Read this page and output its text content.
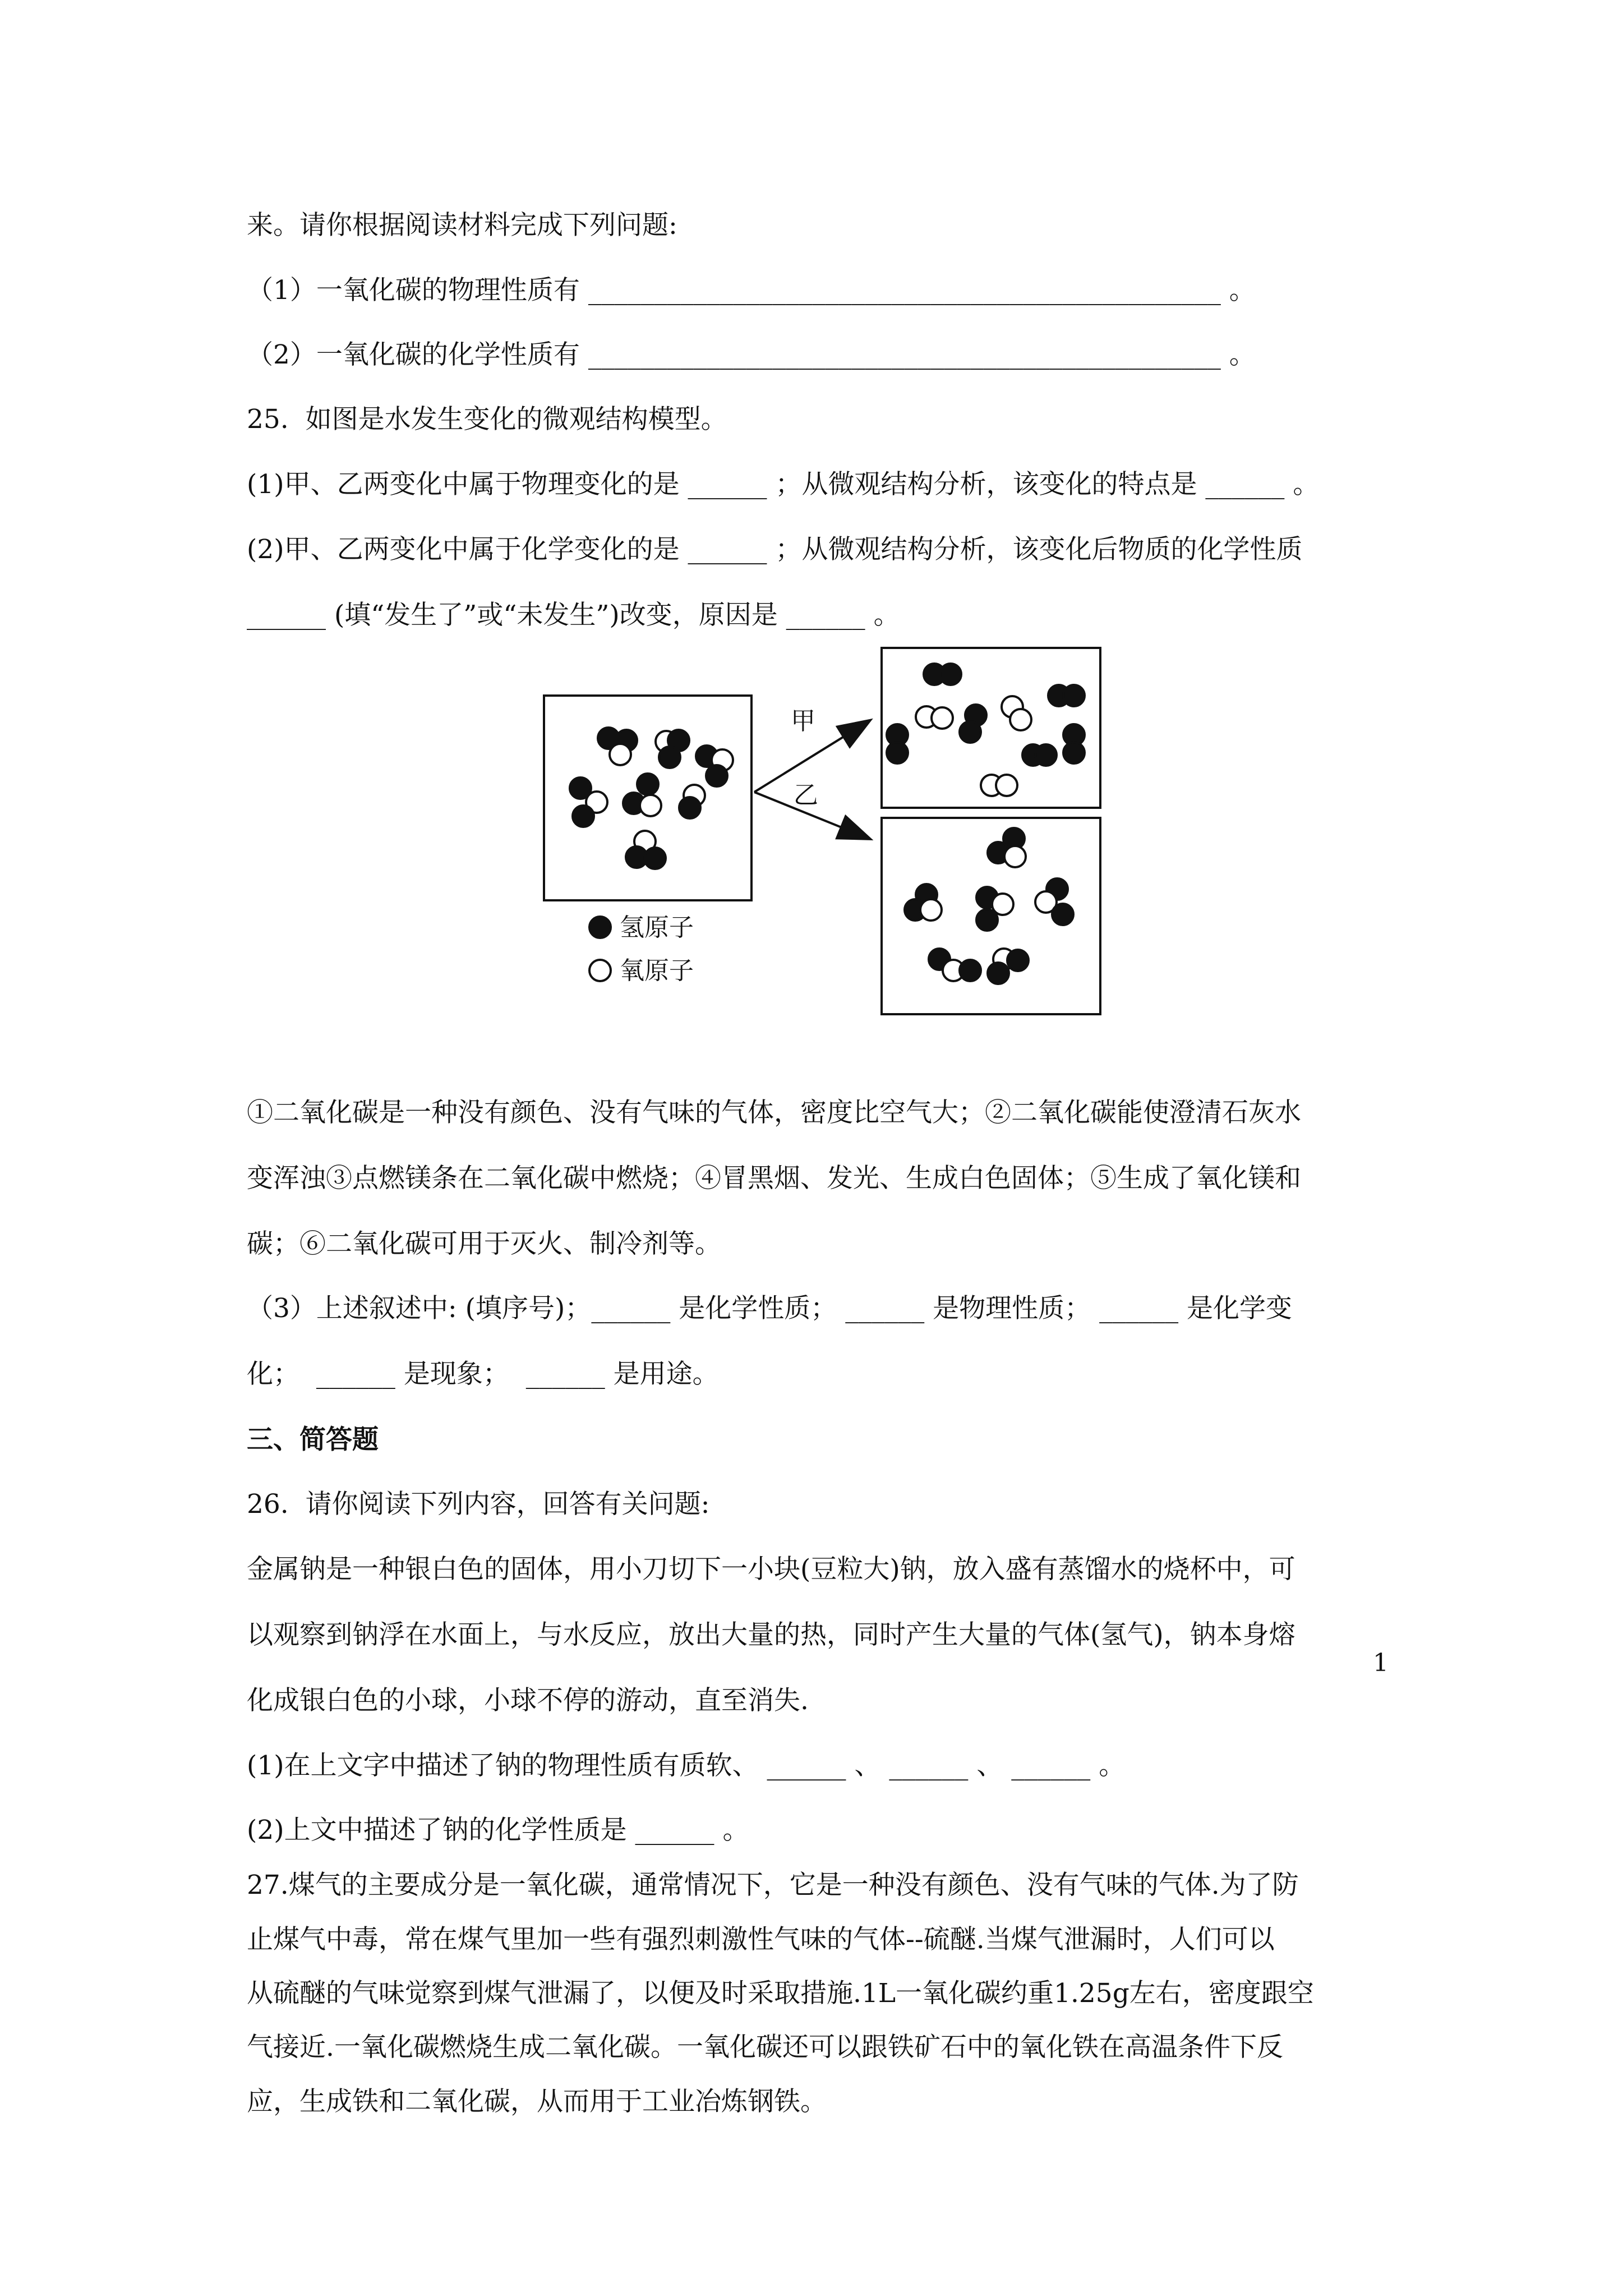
来。请你根据阅读材料完成下列问题:
（1）一氧化碳的物理性质有 ________________________________________________ 。
（2）一氧化碳的化学性质有 ________________________________________________ 。
25.  如图是水发生变化的微观结构模型。
(1)甲、乙两变化中属于物理变化的是 ______ ；从微观结构分析，该变化的特点是 ______ 。
(2)甲、乙两变化中属于化学变化的是 ______ ；从微观结构分析，该变化后物质的化学性质
______ (填“发生了”或“未发生”)改变，原因是 ______ 。
①二氧化碳是一种没有颜色、没有气味的气体，密度比空气大；②二氧化碳能使澄清石灰水
变浑浊③点燃镁条在二氧化碳中燃烧；④冒黑烟、发光、生成白色固体；⑤生成了氧化镁和
碳；⑥二氧化碳可用于灭火、制冷剂等。
（3）上述叙述中: (填序号)；______ 是化学性质； ______ 是物理性质； ______ 是化学变
化；  ______ 是现象；  ______ 是用途。
三、简答题
26.  请你阅读下列内容，回答有关问题:
金属钠是一种银白色的固体，用小刀切下一小块(豆粒大)钠，放入盛有蒸馏水的烧杯中，可
以观察到钠浮在水面上，与水反应，放出大量的热，同时产生大量的气体(氢气)，钠本身熔
化成银白色的小球，小球不停的游动，直至消失.
(1)在上文字中描述了钠的物理性质有质软、 ______ 、 ______ 、 ______ 。
(2)上文中描述了钠的化学性质是 ______ 。
27.煤气的主要成分是一氧化碳，通常情况下，它是一种没有颜色、没有气味的气体.为了防
止煤气中毒，常在煤气里加一些有强烈刺激性气味的气体--硫醚.当煤气泄漏时，人们可以
从硫醚的气味觉察到煤气泄漏了，以便及时采取措施.1L一氧化碳约重1.25g左右，密度跟空
气接近.一氧化碳燃烧生成二氧化碳。一氧化碳还可以跟铁矿石中的氧化铁在高温条件下反
应，生成铁和二氧化碳，从而用于工业冶炼钢铁。
氢原子
氧原子
甲
乙
1
